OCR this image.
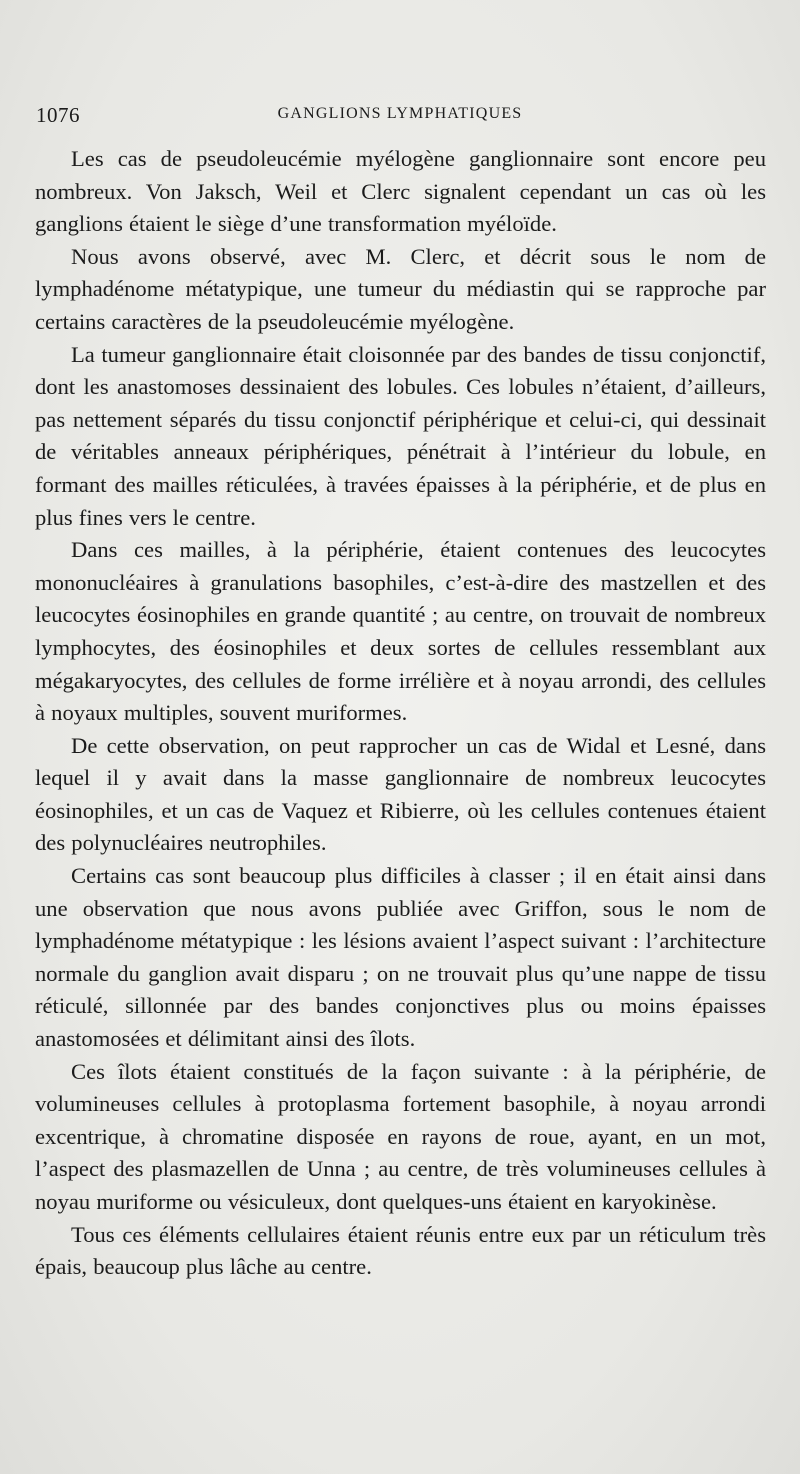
1076	GANGLIONS LYMPHATIQUES

Les cas de pseudoleucémie myélogène ganglionnaire sont encore peu nombreux. Von Jaksch, Weil et Clerc signalent cependant un cas où les ganglions étaient le siège d’une transformation myéloïde.

Nous avons observé, avec M. Clerc, et décrit sous le nom de lymphadénome métatypique, une tumeur du médiastin qui se rapproche par certains caractères de la pseudoleucémie myélogène.

La tumeur ganglionnaire était cloisonnée par des bandes de tissu conjonctif, dont les anastomoses dessinaient des lobules. Ces lobules n’étaient, d’ailleurs, pas nettement séparés du tissu conjonctif périphérique et celui-ci, qui dessinait de véritables anneaux périphériques, pénétrait à l’intérieur du lobule, en formant des mailles réticulées, à travées épaisses à la périphérie, et de plus en plus fines vers le centre.

Dans ces mailles, à la périphérie, étaient contenues des leucocytes mononucléaires à granulations basophiles, c’est-à-dire des mastzellen et des leucocytes éosinophiles en grande quantité ; au centre, on trouvait de nombreux lymphocytes, des éosinophiles et deux sortes de cellules ressemblant aux mégakaryocytes, des cellules de forme irrélière et à noyau arrondi, des cellules à noyaux multiples, souvent muriformes.

De cette observation, on peut rapprocher un cas de Widal et Lesné, dans lequel il y avait dans la masse ganglionnaire de nombreux leucocytes éosinophiles, et un cas de Vaquez et Ribierre, où les cellules contenues étaient des polynucléaires neutrophiles.

Certains cas sont beaucoup plus difficiles à classer ; il en était ainsi dans une observation que nous avons publiée avec Griffon, sous le nom de lymphadénome métatypique : les lésions avaient l’aspect suivant : l’architecture normale du ganglion avait disparu ; on ne trouvait plus qu’une nappe de tissu réticulé, sillonnée par des bandes conjonctives plus ou moins épaisses anastomosées et délimitant ainsi des îlots.

Ces îlots étaient constitués de la façon suivante : à la périphérie, de volumineuses cellules à protoplasma fortement basophile, à noyau arrondi excentrique, à chromatine disposée en rayons de roue, ayant, en un mot, l’aspect des plasmazellen de Unna ; au centre, de très volumineuses cellules à noyau muriforme ou vésiculeux, dont quelques-uns étaient en karyokinèse.

Tous ces éléments cellulaires étaient réunis entre eux par un réticulum très épais, beaucoup plus lâche au centre.
